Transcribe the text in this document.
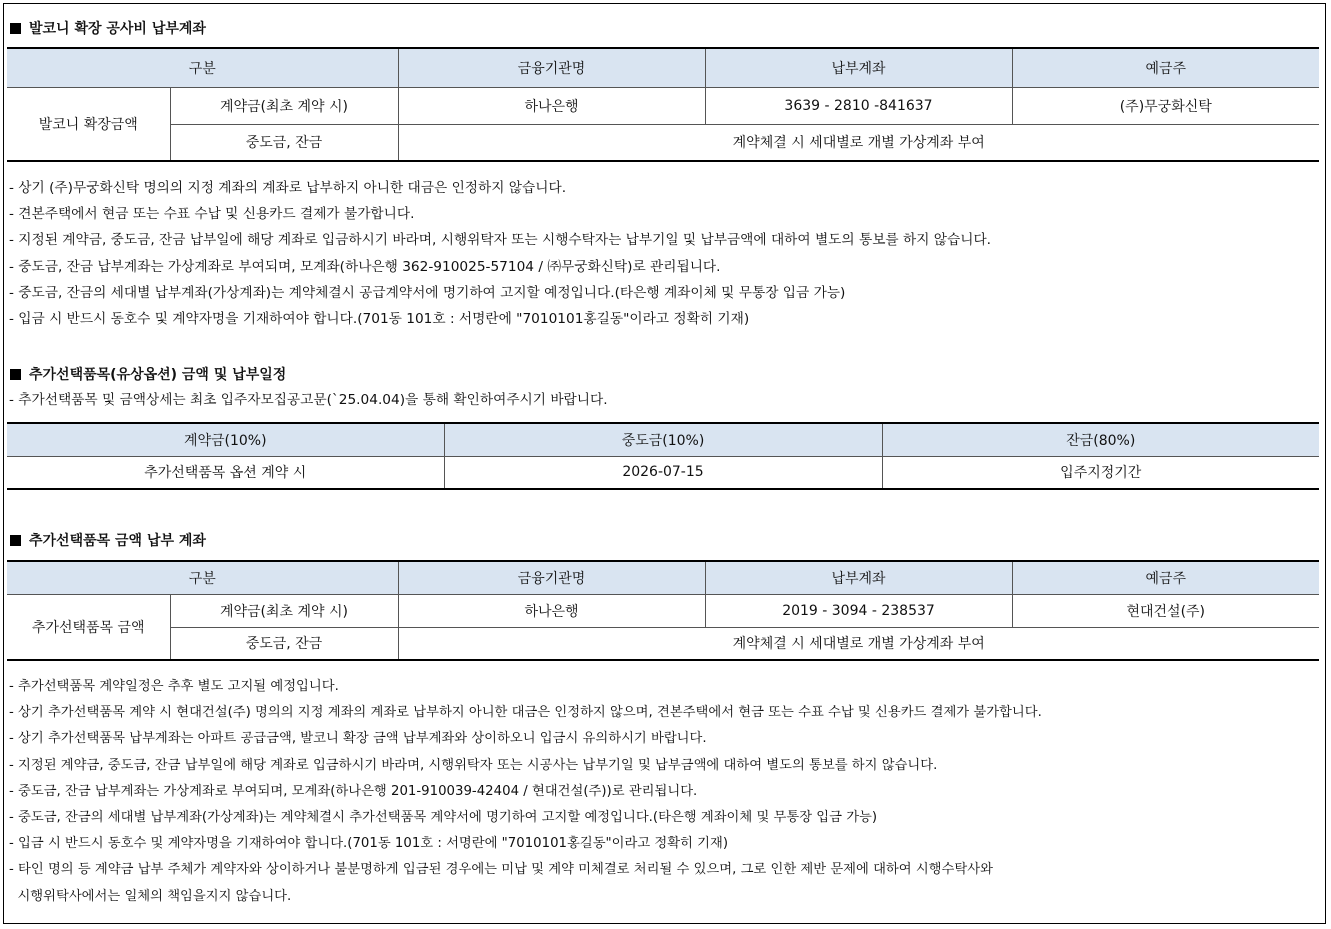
발코니 확장 공사비 납부계좌
구분		금융기관명	납부계좌	예금주
발코니 확장금액	계약금(최초 계약 시)	하나은행	3639 - 2810 -841637	(주)무궁화신탁
	중도금, 잔금	계약체결 시 세대별로 개별 가상계좌 부여		
- 상기 (주)무궁화신탁 명의의 지정 계좌의 계좌로 납부하지 아니한 대금은 인정하지 않습니다.
- 견본주택에서 현금 또는 수표 수납 및 신용카드 결제가 불가합니다.
- 지정된 계약금, 중도금, 잔금 납부일에 해당 계좌로 입금하시기 바라며, 시행위탁자 또는 시행수탁자는 납부기일 및 납부금액에 대하여 별도의 통보를 하지 않습니다.
- 중도금, 잔금 납부계좌는 가상계좌로 부여되며, 모계좌(하나은행 362-910025-57104 / ㈜무궁화신탁)로 관리됩니다.
- 중도금, 잔금의 세대별 납부계좌(가상계좌)는 계약체결시 공급계약서에 명기하여 고지할 예정입니다.(타은행 계좌이체 및 무통장 입금 가능)
- 입금 시 반드시 동호수 및 계약자명을 기재하여야 합니다.(701동 101호 : 서명란에 "7010101홍길동"이라고 정확히 기재)
추가선택품목(유상옵션) 금액 및 납부일정
- 추가선택품목 및 금액상세는 최초 입주자모집공고문(`25.04.04)을 통해 확인하여주시기 바랍니다.
계약금(10%)	중도금(10%)	잔금(80%)
추가선택품목 옵션 계약 시	2026-07-15	입주지정기간
추가선택품목 금액 납부 계좌
구분		금융기관명	납부계좌	예금주
추가선택품목 금액	계약금(최초 계약 시)	하나은행	2019 - 3094 - 238537	현대건설(주)
	중도금, 잔금	계약체결 시 세대별로 개별 가상계좌 부여		
- 추가선택품목 계약일정은 추후 별도 고지될 예정입니다.
- 상기 추가선택품목 계약 시 현대건설(주) 명의의 지정 계좌의 계좌로 납부하지 아니한 대금은 인정하지 않으며, 견본주택에서 현금 또는 수표 수납 및 신용카드 결제가 불가합니다.
- 상기 추가선택품목 납부계좌는 아파트 공급금액, 발코니 확장 금액 납부계좌와 상이하오니 입금시 유의하시기 바랍니다.
- 지정된 계약금, 중도금, 잔금 납부일에 해당 계좌로 입금하시기 바라며, 시행위탁자 또는 시공사는 납부기일 및 납부금액에 대하여 별도의 통보를 하지 않습니다.
- 중도금, 잔금 납부계좌는 가상계좌로 부여되며, 모계좌(하나은행 201-910039-42404 / 현대건설(주))로 관리됩니다.
- 중도금, 잔금의 세대별 납부계좌(가상계좌)는 계약체결시 추가선택품목 계약서에 명기하여 고지할 예정입니다.(타은행 계좌이체 및 무통장 입금 가능)
- 입금 시 반드시 동호수 및 계약자명을 기재하여야 합니다.(701동 101호 : 서명란에 "7010101홍길동"이라고 정확히 기재)
- 타인 명의 등 계약금 납부 주체가 계약자와 상이하거나 불분명하게 입금된 경우에는 미납 및 계약 미체결로 처리될 수 있으며, 그로 인한 제반 문제에 대하여 시행수탁사와
시행위탁사에서는 일체의 책임을지지 않습니다.
